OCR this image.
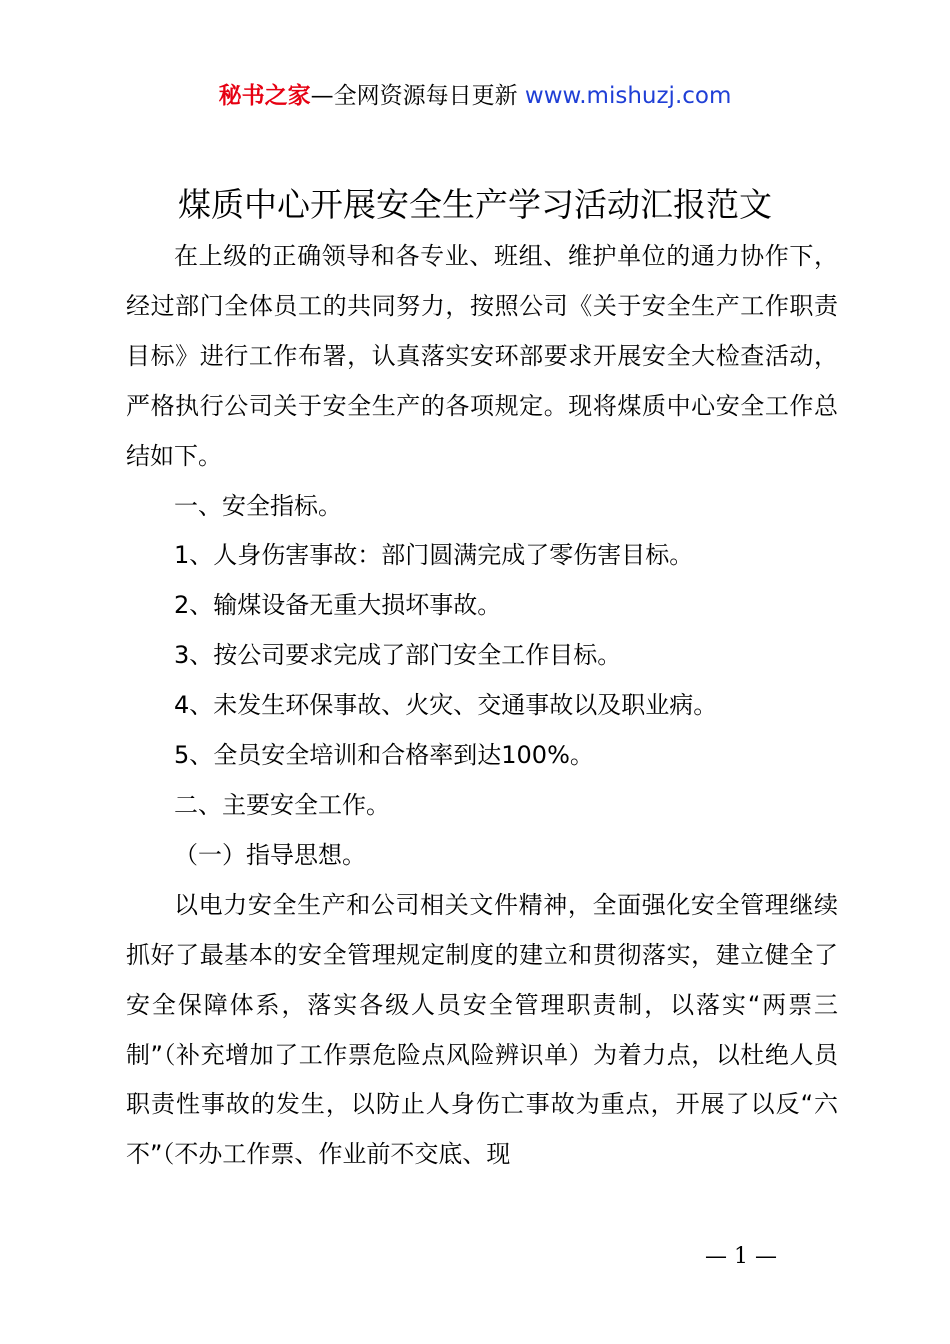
秘书之家—全网资源每日更新 www.mishuzj.com
煤质中心开展安全生产学习活动汇报范文

在上级的正确领导和各专业、班组、维护单位的通力协作下，经过部门全体员工的共同努力，按照公司《关于安全生产工作职责目标》进行工作布署，认真落实安环部要求开展安全大检查活动，严格执行公司关于安全生产的各项规定。现将煤质中心安全工作总结如下。

一、安全指标。

1、人身伤害事故：部门圆满完成了零伤害目标。

2、输煤设备无重大损坏事故。

3、按公司要求完成了部门安全工作目标。

4、未发生环保事故、火灾、交通事故以及职业病。

5、全员安全培训和合格率到达100%。

二、主要安全工作。

（一）指导思想。

以电力安全生产和公司相关文件精神，全面强化安全管理继续抓好了最基本的安全管理规定制度的建立和贯彻落实，建立健全了安全保障体系，落实各级人员安全管理职责制，以落实“两票三制”（补充增加了工作票危险点风险辨识单）为着力点，以杜绝人员职责性事故的发生，以防止人身伤亡事故为重点，开展了以反“六不”（不办工作票、作业前不交底、现

— 1 —
